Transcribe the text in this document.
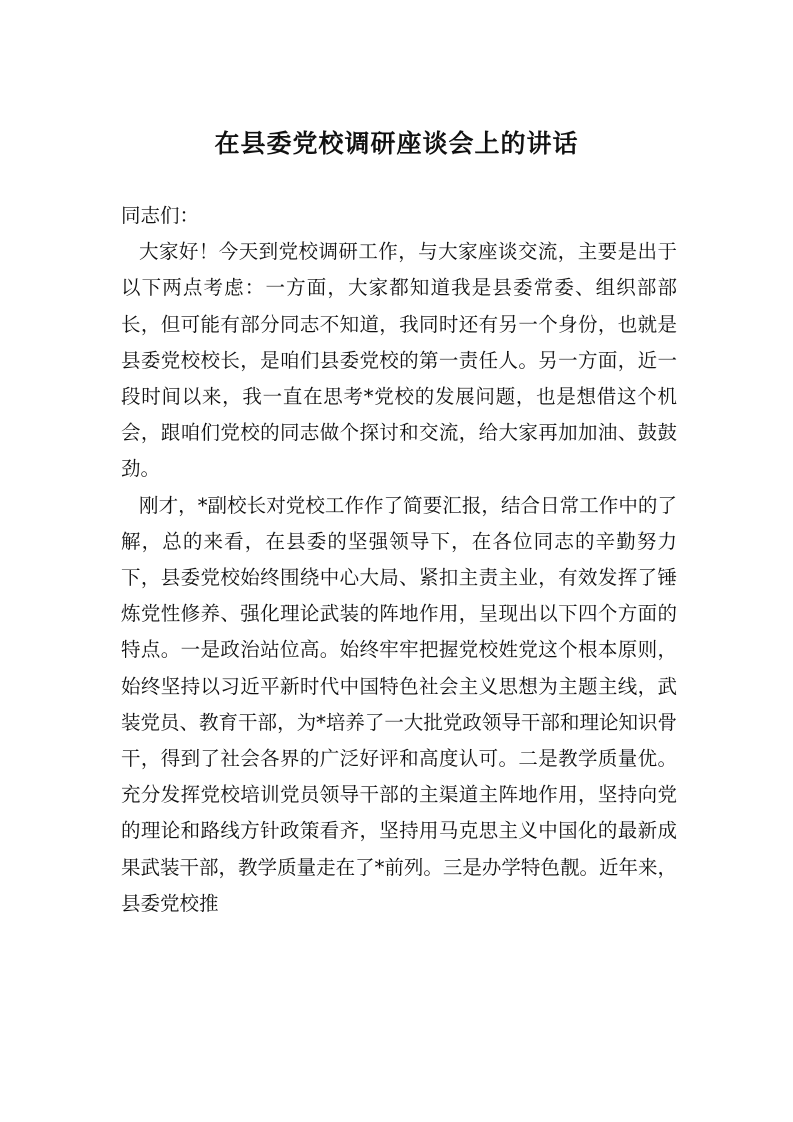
在县委党校调研座谈会上的讲话

同志们：

大家好！今天到党校调研工作，与大家座谈交流，主要是出于以下两点考虑：一方面，大家都知道我是县委常委、组织部部长，但可能有部分同志不知道，我同时还有另一个身份，也就是县委党校校长，是咱们县委党校的第一责任人。另一方面，近一段时间以来，我一直在思考*党校的发展问题，也是想借这个机会，跟咱们党校的同志做个探讨和交流，给大家再加加油、鼓鼓劲。

刚才，*副校长对党校工作作了简要汇报，结合日常工作中的了解，总的来看，在县委的坚强领导下，在各位同志的辛勤努力下，县委党校始终围绕中心大局、紧扣主责主业，有效发挥了锤炼党性修养、强化理论武装的阵地作用，呈现出以下四个方面的特点。一是政治站位高。始终牢牢把握党校姓党这个根本原则，始终坚持以习近平新时代中国特色社会主义思想为主题主线，武装党员、教育干部，为*培养了一大批党政领导干部和理论知识骨干，得到了社会各界的广泛好评和高度认可。二是教学质量优。充分发挥党校培训党员领导干部的主渠道主阵地作用，坚持向党的理论和路线方针政策看齐，坚持用马克思主义中国化的最新成果武装干部，教学质量走在了*前列。三是办学特色靓。近年来，县委党校推
